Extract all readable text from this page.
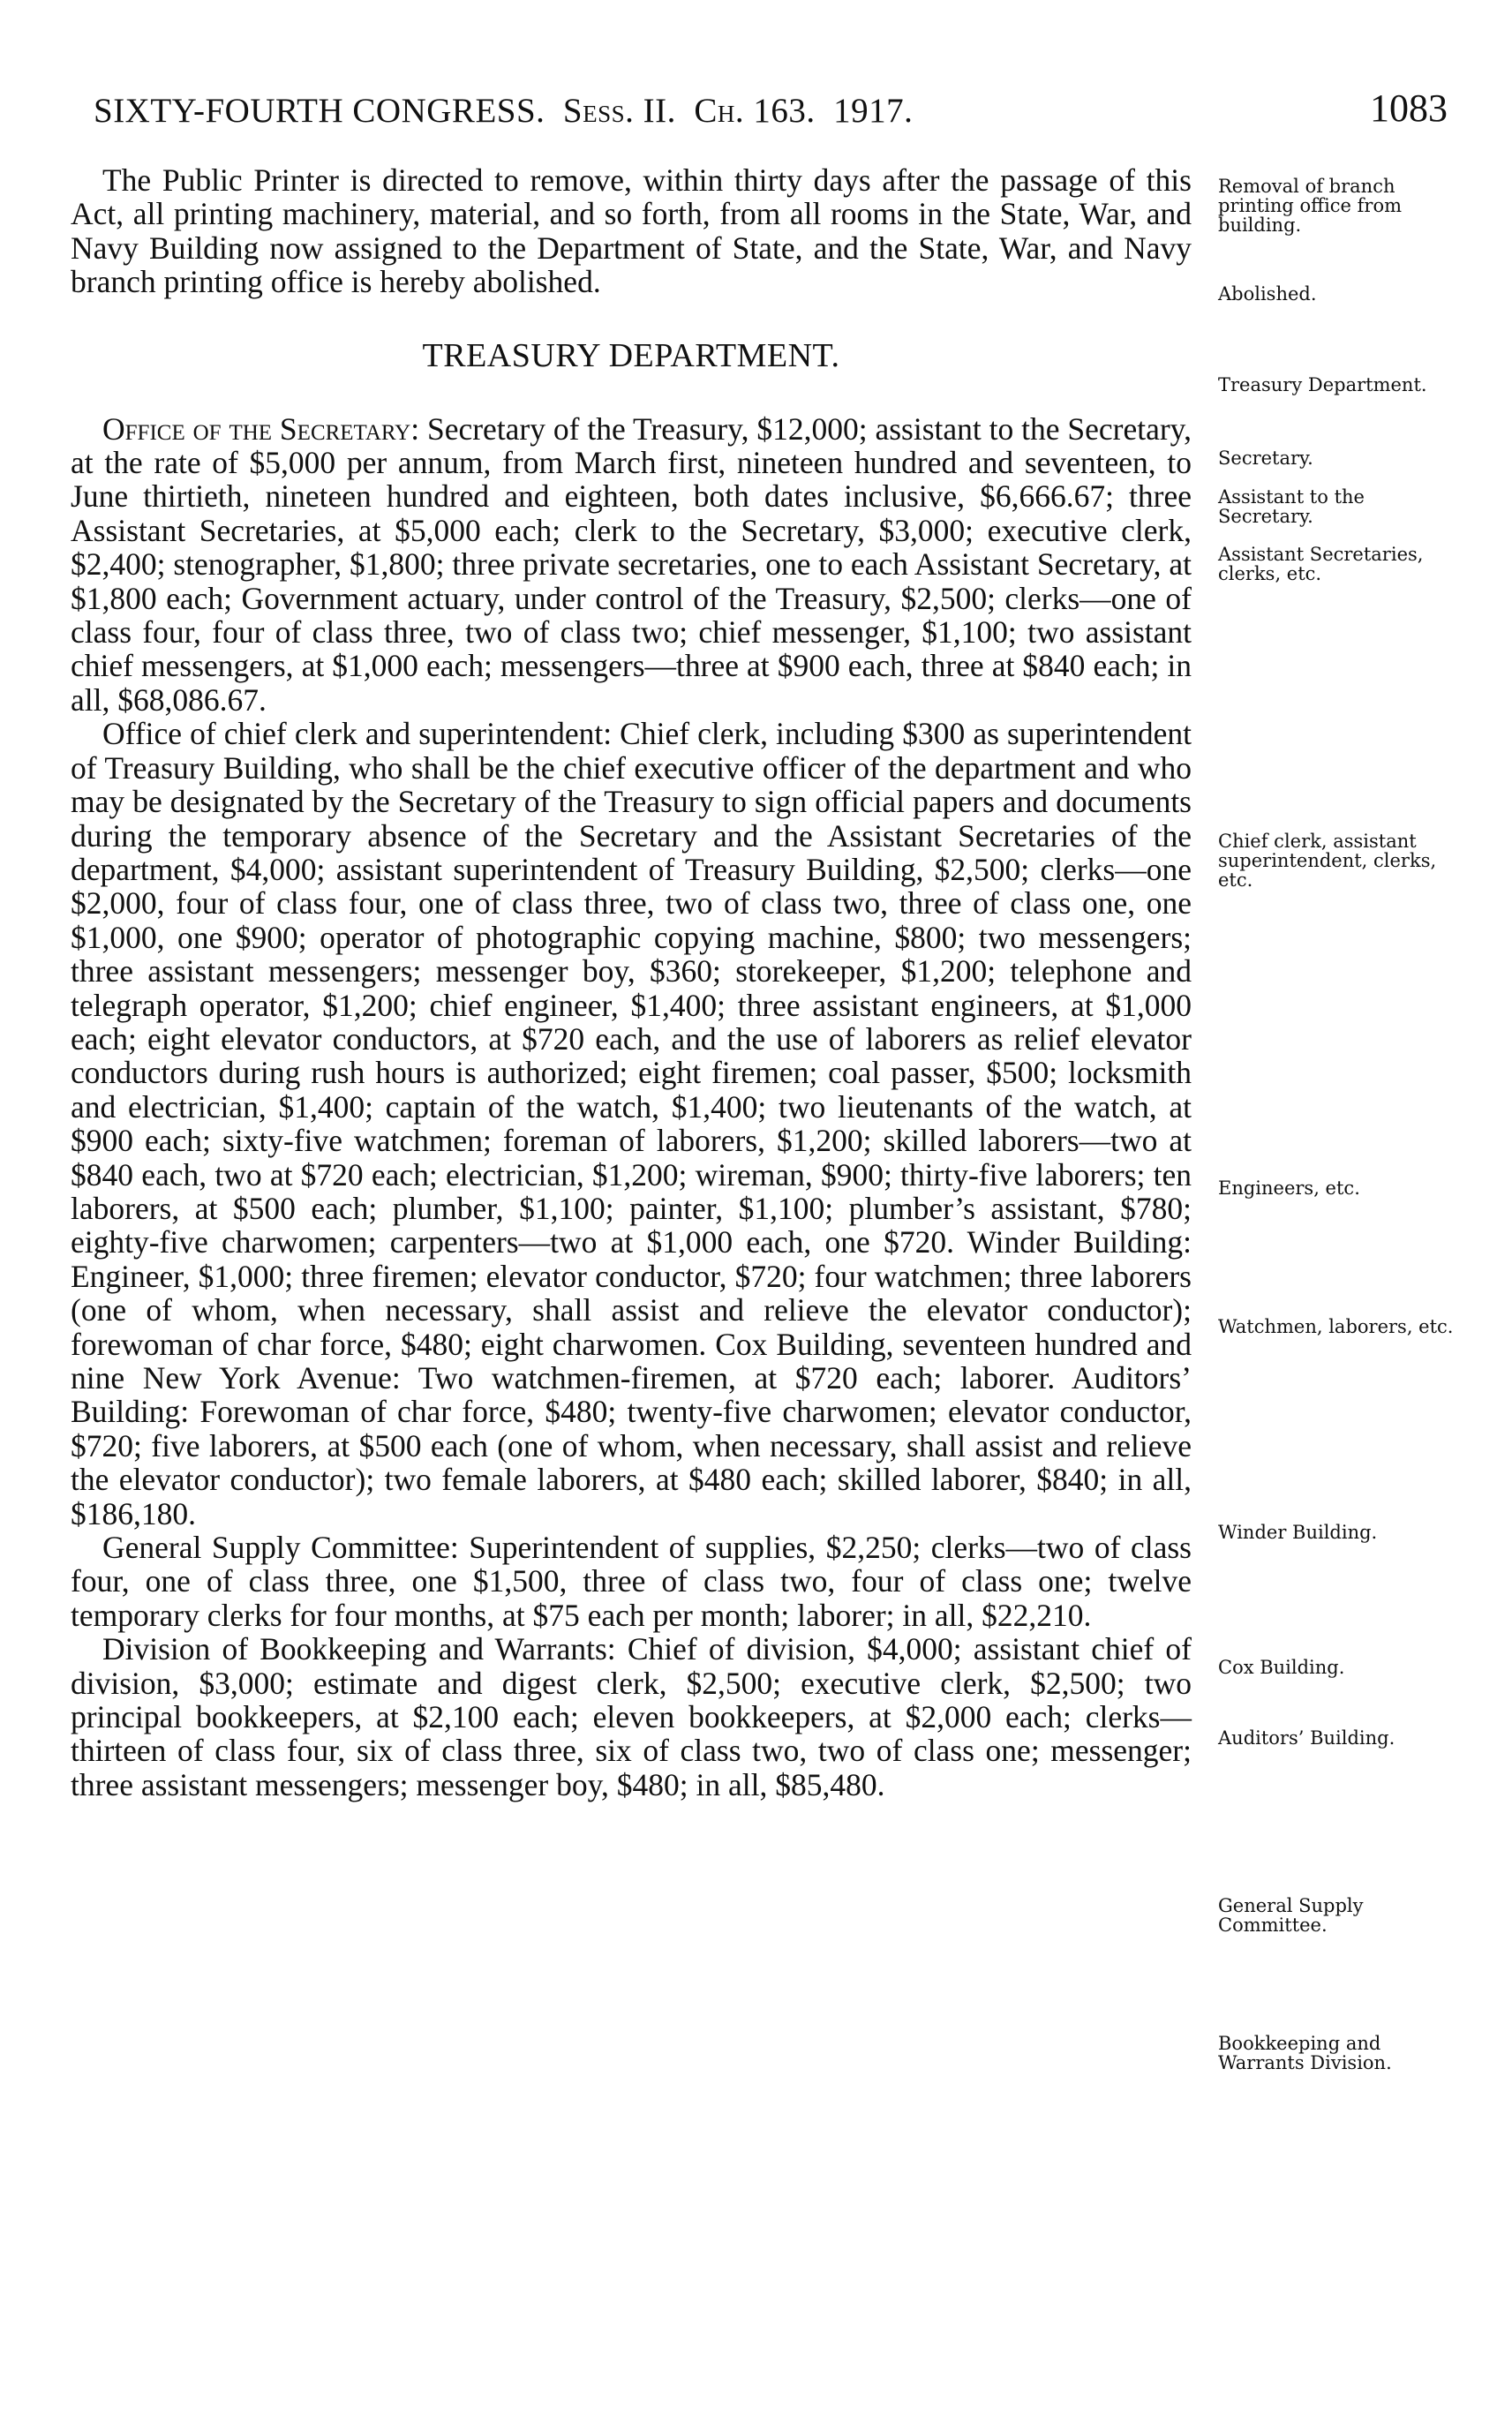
SIXTY-FOURTH CONGRESS. Sess. II. Ch. 163. 1917.	1083

The Public Printer is directed to remove, within thirty days after the passage of this Act, all printing machinery, material, and so forth, from all rooms in the State, War, and Navy Building now assigned to the Department of State, and the State, War, and Navy branch printing office is hereby abolished.

TREASURY DEPARTMENT.

Office of the Secretary: Secretary of the Treasury, $12,000; assistant to the Secretary, at the rate of $5,000 per annum, from March first, nineteen hundred and seventeen, to June thirtieth, nineteen hundred and eighteen, both dates inclusive, $6,666.67; three Assistant Secretaries, at $5,000 each; clerk to the Secretary, $3,000; executive clerk, $2,400; stenographer, $1,800; three private secretaries, one to each Assistant Secretary, at $1,800 each; Government actuary, under control of the Treasury, $2,500; clerks—one of class four, four of class three, two of class two; chief messenger, $1,100; two assistant chief messengers, at $1,000 each; messengers—three at $900 each, three at $840 each; in all, $68,086.67.

Office of chief clerk and superintendent: Chief clerk, including $300 as superintendent of Treasury Building, who shall be the chief executive officer of the department and who may be designated by the Secretary of the Treasury to sign official papers and documents during the temporary absence of the Secretary and the Assistant Secretaries of the department, $4,000; assistant superintendent of Treasury Building, $2,500; clerks—one $2,000, four of class four, one of class three, two of class two, three of class one, one $1,000, one $900; operator of photographic copying machine, $800; two messengers; three assistant messengers; messenger boy, $360; storekeeper, $1,200; telephone and telegraph operator, $1,200; chief engineer, $1,400; three assistant engineers, at $1,000 each; eight elevator conductors, at $720 each, and the use of laborers as relief elevator conductors during rush hours is authorized; eight firemen; coal passer, $500; locksmith and electrician, $1,400; captain of the watch, $1,400; two lieutenants of the watch, at $900 each; sixty-five watchmen; foreman of laborers, $1,200; skilled laborers—two at $840 each, two at $720 each; electrician, $1,200; wireman, $900; thirty-five laborers; ten laborers, at $500 each; plumber, $1,100; painter, $1,100; plumber’s assistant, $780; eighty-five charwomen; carpenters—two at $1,000 each, one $720. Winder Building: Engineer, $1,000; three firemen; elevator conductor, $720; four watchmen; three laborers (one of whom, when necessary, shall assist and relieve the elevator conductor); forewoman of char force, $480; eight charwomen. Cox Building, seventeen hundred and nine New York Avenue: Two watchmen-firemen, at $720 each; laborer. Auditors’ Building: Forewoman of char force, $480; twenty-five charwomen; elevator conductor, $720; five laborers, at $500 each (one of whom, when necessary, shall assist and relieve the elevator conductor); two female laborers, at $480 each; skilled laborer, $840; in all, $186,180.

General Supply Committee: Superintendent of supplies, $2,250; clerks—two of class four, one of class three, one $1,500, three of class two, four of class one; twelve temporary clerks for four months, at $75 each per month; laborer; in all, $22,210.

Division of Bookkeeping and Warrants: Chief of division, $4,000; assistant chief of division, $3,000; estimate and digest clerk, $2,500; executive clerk, $2,500; two principal bookkeepers, at $2,100 each; eleven bookkeepers, at $2,000 each; clerks—thirteen of class four, six of class three, six of class two, two of class one; messenger; three assistant messengers; messenger boy, $480; in all, $85,480.

Removal of branch printing office from building.
Abolished.
Treasury Department.
Secretary.
Assistant to the Secretary.
Assistant Secretaries, clerks, etc.
Chief clerk, assistant superintendent, clerks, etc.
Engineers, etc.
Watchmen, laborers, etc.
Winder Building.
Cox Building.
Auditors’ Building.
General Supply Committee.
Bookkeeping and Warrants Division.
